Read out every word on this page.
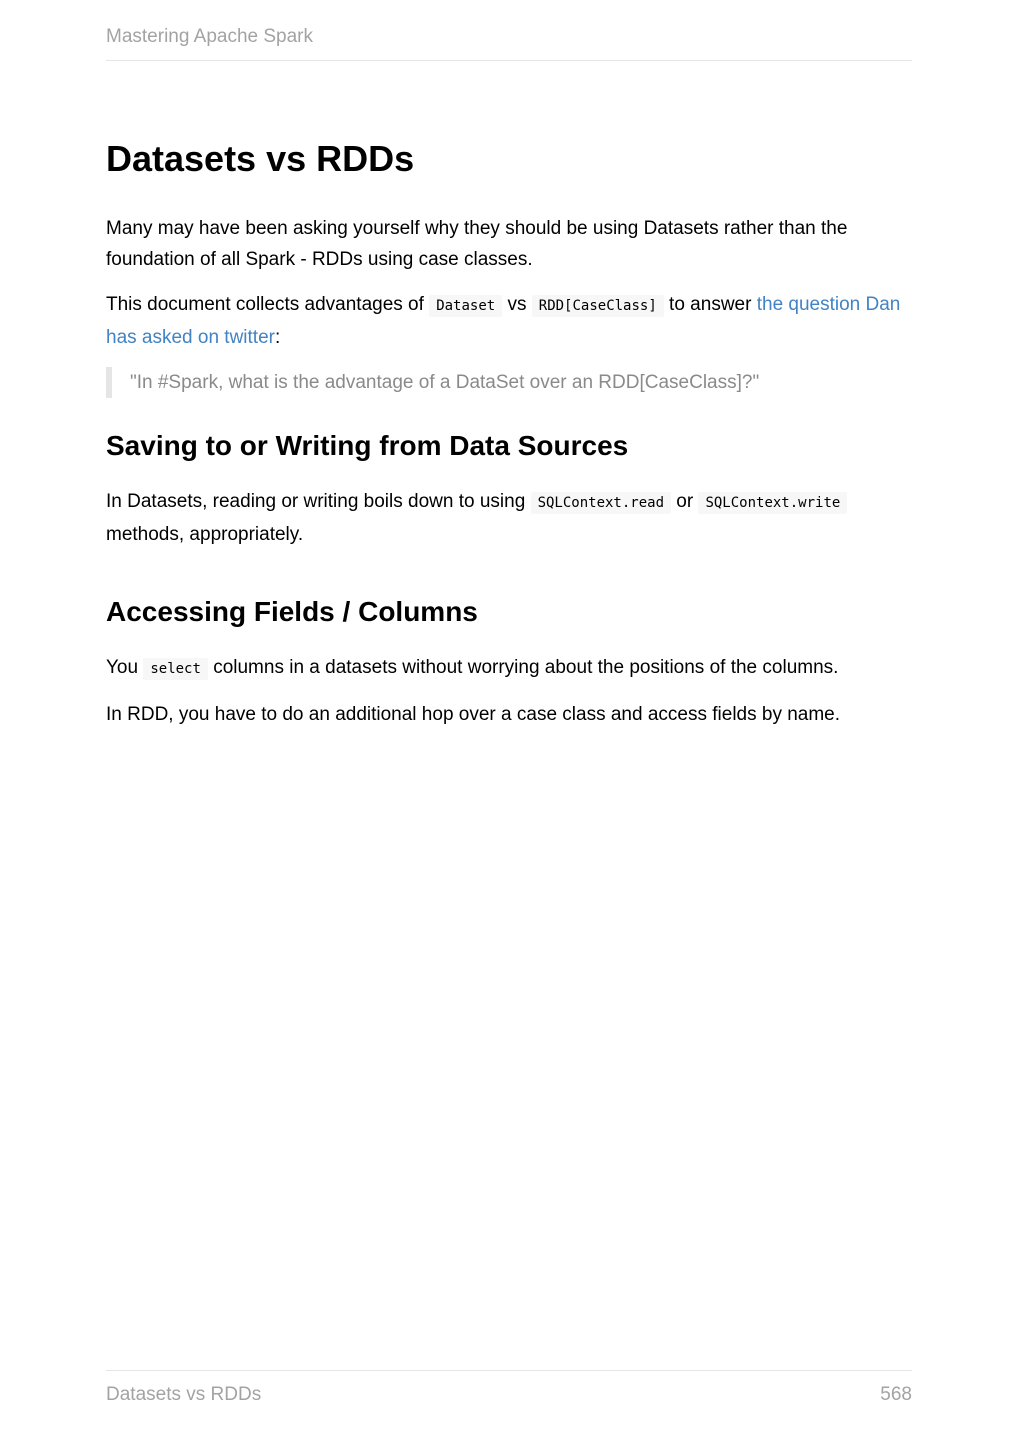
Mastering Apache Spark
Datasets vs RDDs

Many may have been asking yourself why they should be using Datasets rather than the foundation of all Spark - RDDs using case classes.

This document collects advantages of Dataset vs RDD[CaseClass] to answer the question Dan has asked on twitter:

"In #Spark, what is the advantage of a DataSet over an RDD[CaseClass]?"

Saving to or Writing from Data Sources

In Datasets, reading or writing boils down to using SQLContext.read or SQLContext.write methods, appropriately.

Accessing Fields / Columns

You select columns in a datasets without worrying about the positions of the columns.

In RDD, you have to do an additional hop over a case class and access fields by name.

Datasets vs RDDs	568
